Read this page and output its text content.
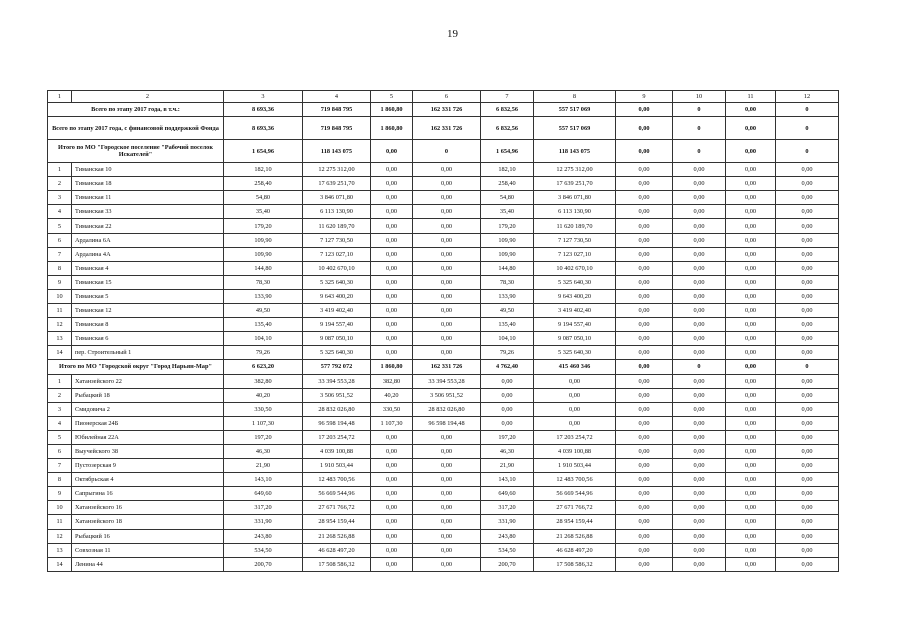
19
1	2	3	4	5	6	7	8	9	10	11	12
Всего по этапу 2017 года, в т.ч.:		8 693,36	719 848 795	1 860,80	162 331 726	6 832,56	557 517 069	0,00	0	0,00	0
Всего по этапу 2017 года, с финансовой поддержкой Фонда		8 693,36	719 848 795	1 860,80	162 331 726	6 832,56	557 517 069	0,00	0	0,00	0
Итого по МО "Городское поселение "Рабочий поселок Искателей"		1 654,96	118 143 075	0,00	0	1 654,96	118 143 075	0,00	0	0,00	0
1	Тиманская 10	182,10	12 275 312,00	0,00	0,00	182,10	12 275 312,00	0,00	0,00	0,00	0,00
2	Тиманская 18	258,40	17 639 251,70	0,00	0,00	258,40	17 639 251,70	0,00	0,00	0,00	0,00
3	Тиманская 11	54,80	3 846 071,80	0,00	0,00	54,80	3 846 071,80	0,00	0,00	0,00	0,00
4	Тиманская 33	35,40	6 113 130,90	0,00	0,00	35,40	6 113 130,90	0,00	0,00	0,00	0,00
5	Тиманская 22	179,20	11 620 189,70	0,00	0,00	179,20	11 620 189,70	0,00	0,00	0,00	0,00
6	Ардалина 6А	109,90	7 127 730,50	0,00	0,00	109,90	7 127 730,50	0,00	0,00	0,00	0,00
7	Ардалина 4А	109,90	7 123 027,10	0,00	0,00	109,90	7 123 027,10	0,00	0,00	0,00	0,00
8	Тиманская 4	144,80	10 402 670,10	0,00	0,00	144,80	10 402 670,10	0,00	0,00	0,00	0,00
9	Тиманская 15	78,30	5 325 640,30	0,00	0,00	78,30	5 325 640,30	0,00	0,00	0,00	0,00
10	Тиманская 5	133,90	9 643 400,20	0,00	0,00	133,90	9 643 400,20	0,00	0,00	0,00	0,00
11	Тиманская 12	49,50	3 419 402,40	0,00	0,00	49,50	3 419 402,40	0,00	0,00	0,00	0,00
12	Тиманская 8	135,40	9 194 557,40	0,00	0,00	135,40	9 194 557,40	0,00	0,00	0,00	0,00
13	Тиманская 6	104,10	9 087 050,10	0,00	0,00	104,10	9 087 050,10	0,00	0,00	0,00	0,00
14	пер. Строительный 1	79,26	5 325 640,30	0,00	0,00	79,26	5 325 640,30	0,00	0,00	0,00	0,00
Итого по МО "Городской округ "Город Нарьян-Мар"		6 623,20	577 792 072	1 860,80	162 331 726	4 762,40	415 460 346	0,00	0	0,00	0
1	Хатанзейского 22	382,80	33 394 553,28	382,80	33 394 553,28	0,00	0,00	0,00	0,00	0,00	0,00
2	Рыбацкий 18	40,20	3 506 951,52	40,20	3 506 951,52	0,00	0,00	0,00	0,00	0,00	0,00
3	Смидовича 2	330,50	28 832 026,80	330,50	28 832 026,80	0,00	0,00	0,00	0,00	0,00	0,00
4	Пионерская 24Б	1 107,30	96 598 194,48	1 107,30	96 598 194,48	0,00	0,00	0,00	0,00	0,00	0,00
5	Юбилейная 22А	197,20	17 203 254,72	0,00	0,00	197,20	17 203 254,72	0,00	0,00	0,00	0,00
6	Выучейского 38	46,30	4 039 100,88	0,00	0,00	46,30	4 039 100,88	0,00	0,00	0,00	0,00
7	Пустозерская 9	21,90	1 910 503,44	0,00	0,00	21,90	1 910 503,44	0,00	0,00	0,00	0,00
8	Октябрьская 4	143,10	12 483 700,56	0,00	0,00	143,10	12 483 700,56	0,00	0,00	0,00	0,00
9	Сапрыгина 16	649,60	56 669 544,96	0,00	0,00	649,60	56 669 544,96	0,00	0,00	0,00	0,00
10	Хатанзейского 16	317,20	27 671 766,72	0,00	0,00	317,20	27 671 766,72	0,00	0,00	0,00	0,00
11	Хатанзейского 18	331,90	28 954 159,44	0,00	0,00	331,90	28 954 159,44	0,00	0,00	0,00	0,00
12	Рыбацкий 16	243,80	21 268 526,88	0,00	0,00	243,80	21 268 526,88	0,00	0,00	0,00	0,00
13	Совхозная 11	534,50	46 628 497,20	0,00	0,00	534,50	46 628 497,20	0,00	0,00	0,00	0,00
14	Ленина 44	200,70	17 508 586,32	0,00	0,00	200,70	17 508 586,32	0,00	0,00	0,00	0,00
